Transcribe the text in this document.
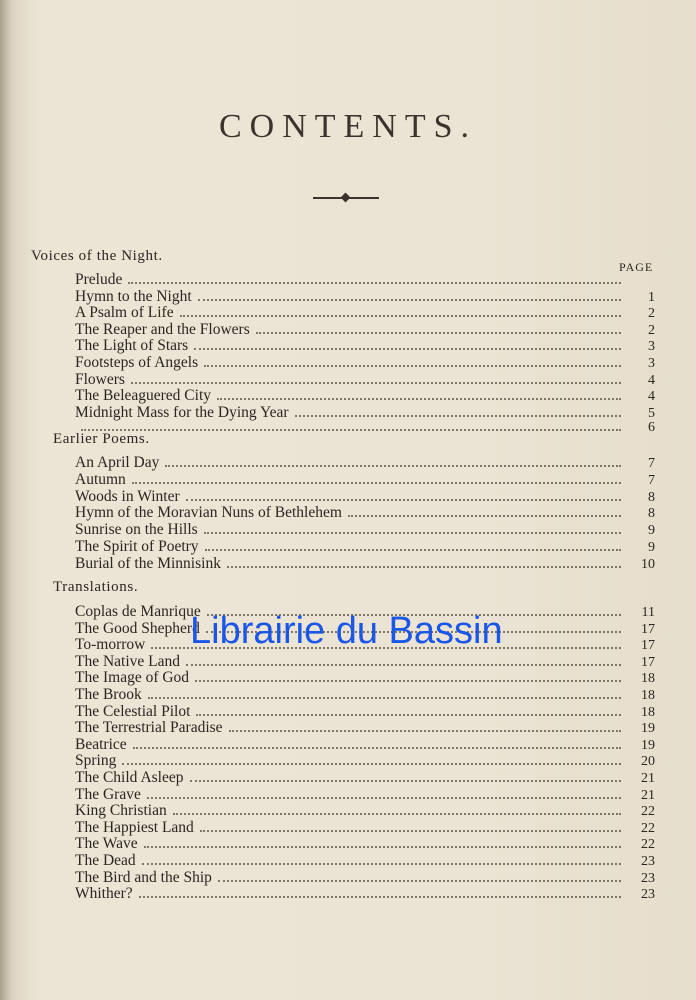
CONTENTS.
PAGE
Voices of the Night.
Prelude
Hymn to the Night	1
A Psalm of Life	2
The Reaper and the Flowers	2
The Light of Stars	3
Footsteps of Angels	3
Flowers	4
The Beleaguered City	4
Midnight Mass for the Dying Year	5
6
An April Day	7
Autumn	7
Woods in Winter	8
Hymn of the Moravian Nuns of Bethlehem	8
Sunrise on the Hills	9
The Spirit of Poetry	9
Burial of the Minnisink	10
Coplas de Manrique	11
The Good Shepherd	17
To-morrow	17
The Native Land	17
The Image of God	18
The Brook	18
The Celestial Pilot	18
The Terrestrial Paradise	19
Beatrice	19
Spring	20
The Child Asleep	21
The Grave	21
King Christian	22
The Happiest Land	22
The Wave	22
The Dead	23
The Bird and the Ship	23
Whither?	23
Earlier Poems.
Translations.
Librairie du Bassin
